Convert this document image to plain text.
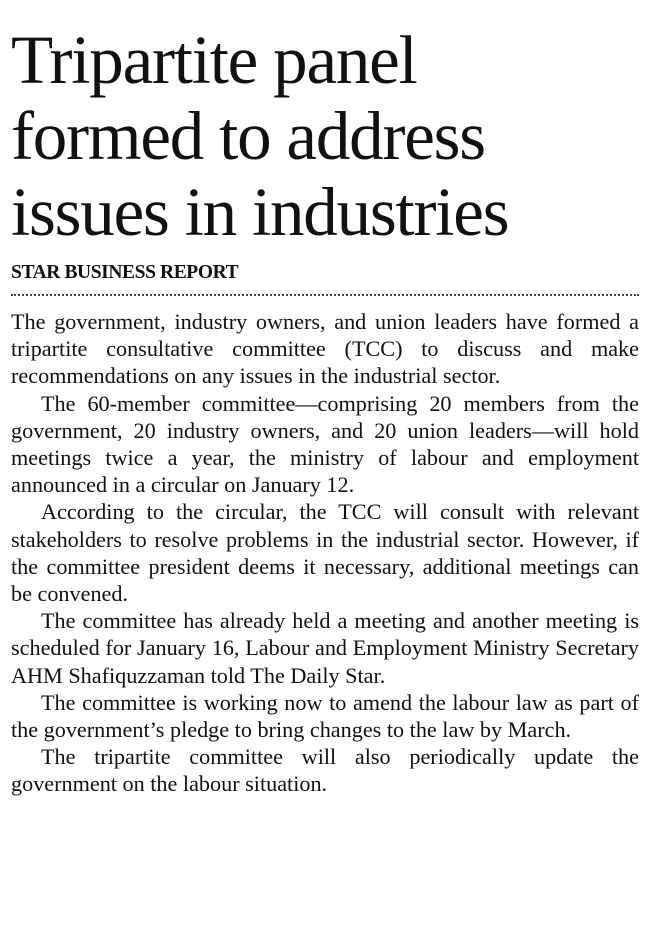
Tripartite panel
formed to address
issues in industries
STAR BUSINESS REPORT

The government, industry owners, and union leaders have formed a tripartite consultative committee (TCC) to discuss and make recommendations on any issues in the industrial sector.

The 60-member committee—comprising 20 members from the government, 20 industry owners, and 20 union leaders—will hold meetings twice a year, the ministry of labour and employment announced in a circular on January 12.

According to the circular, the TCC will consult with relevant stakeholders to resolve problems in the industrial sector. However, if the committee president deems it necessary, additional meetings can be convened.

The committee has already held a meeting and another meeting is scheduled for January 16, Labour and Employment Ministry Secretary AHM Shafiquzzaman told The Daily Star.

The committee is working now to amend the labour law as part of the government’s pledge to bring changes to the law by March.

The tripartite committee will also periodically update the government on the labour situation.
